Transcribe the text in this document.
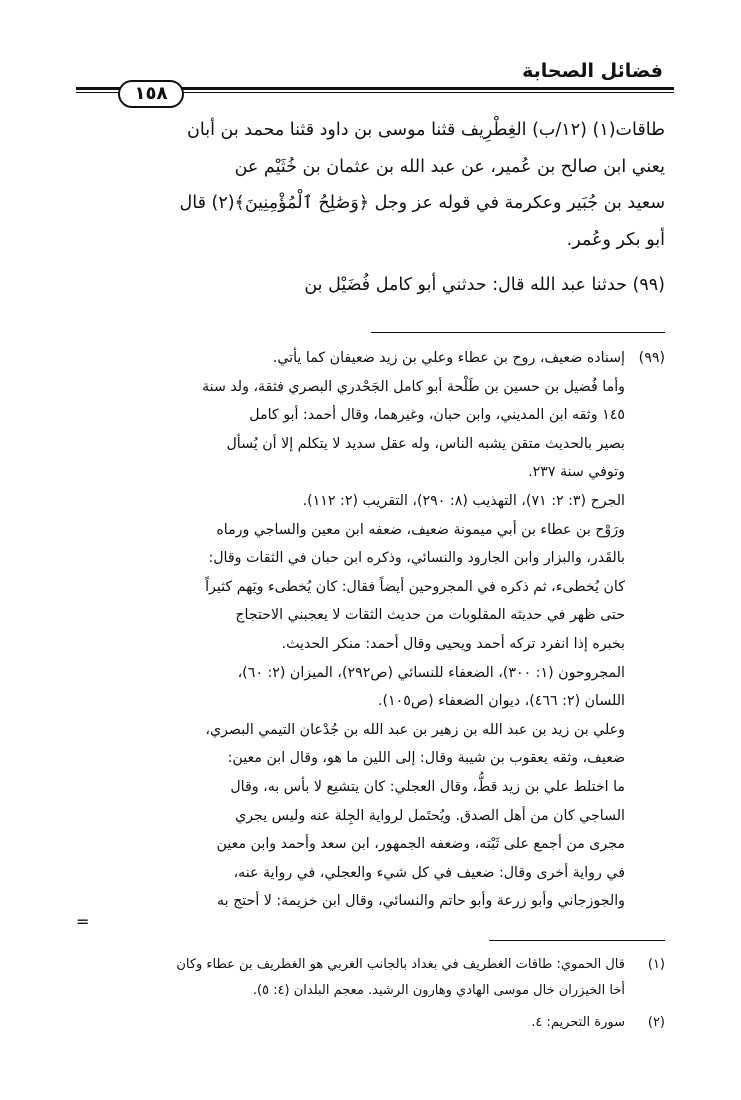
فضائل الصحابة
١٥٨
طاقات(١) (١٢/ب) الغِطْرِيف قثنا موسى بن داود قثنا محمد بن أبان
يعني ابن صالح بن عُمير، عن عبد الله بن عثمان بن خُثَيْم عن
سعيد بن جُبَير وعكرمة في قوله عز وجل ﴿وَصَٰلِحُ ٱلْمُؤْمِنِينَ﴾(٢) قال
أبو بكر وعُمر.
(٩٩) حدثنا عبد الله قال: حدثني أبو كامل فُضَيْل بن
(٩٩)
إسناده ضعيف، روح بن عطاء وعلي بن زيد ضعيفان كما يأتي.
وأما فُضيل بن حسين بن طَلْحة أبو كامل الجَحْدري البصري فثقة، ولد سنة
١٤٥ وثقه ابن المديني، وابن حبان، وغيرهما، وقال أحمد: أبو كامل
بصير بالحديث متقن يشبه الناس، وله عقل سديد لا يتكلم إلا أن يُسأل
وتوفي سنة ٢٣٧.
الجرح (٣: ٢: ٧١)، التهذيب (٨: ٢٩٠)، التقريب (٢: ١١٢).
ورَوْح بن عطاء بن أبي ميمونة ضعيف، ضعفه ابن معين والساجي ورماه
بالقَدر، والبزار وابن الجارود والنسائي، وذكره ابن حبان في الثقات وقال:
كان يُخطىء، ثم ذكره في المجروحين أيضاً فقال: كان يُخطىء ويَهم كثيراً
حتى ظهر في حديثه المقلوبات من حديث الثقات لا يعجبني الاحتجاج
بخبره إذا انفرد تركه أحمد ويحيى وقال أحمد: منكر الحديث.
المجروحون (١: ٣٠٠)، الضعفاء للنسائي (ص٢٩٢)، الميزان (٢: ٦٠)،
اللسان (٢: ٤٦٦)، ديوان الضعفاء (ص١٠٥).
وعلي بن زيد بن عبد الله بن زهير بن عبد الله بن جُدْعان التيمي البصري،
ضعيف، وثقه يعقوب بن شيبة وقال: إلى اللين ما هو، وقال ابن معين:
ما اختلط علي بن زيد قطُّ، وقال العجلي: كان يتشيع لا بأس به، وقال
الساجي كان من أهل الصدق. ويُحتَمل لرواية الجِلة عنه وليس يجري
مجرى من أجمع على ثَبْته، وضعفه الجمهور، ابن سعد وأحمد وابن معين
في رواية أخرى وقال: ضعيف في كل شيء والعجلي، في رواية عنه،
والجوزجاني وأبو زرعة وأبو حاتم والنسائي، وقال ابن خزيمة: لا أحتج به
=
(١)
قال الحموي: طاقات الغطريف في بغداد بالجانب الغربي هو الغطريف بن عطاء وكان
أخا الخيزران خال موسى الهادي وهارون الرشيد. معجم البلدان (٤: ٥).
(٢)
سورة التحريم: ٤.
